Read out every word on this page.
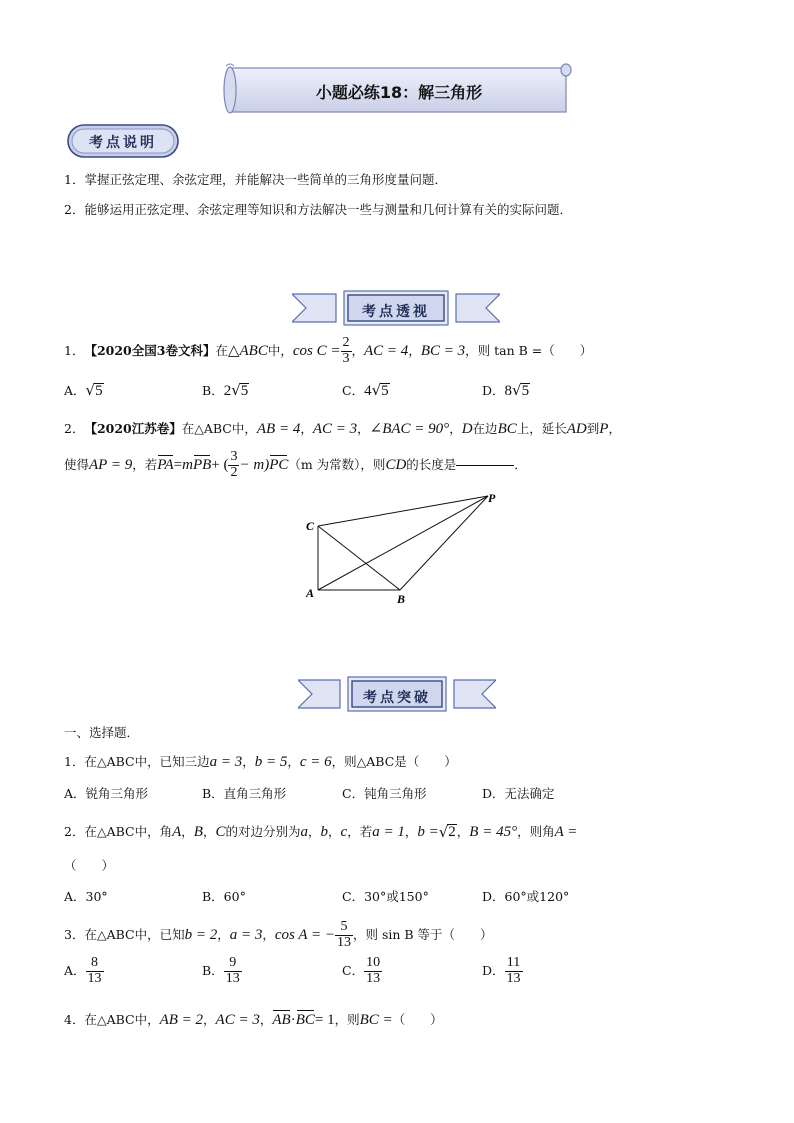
小题必练18：解三角形
考点说明
1．掌握正弦定理、余弦定理，并能解决一些简单的三角形度量问题．
2．能够运用正弦定理、余弦定理等知识和方法解决一些与测量和几何计算有关的实际问题．
考点透视
1． 【2020全国3卷文科】 在 △ ABC 中， $\cos C = \frac{2}{3}$ ， AC = 4 ， BC = 3 ，则 tan B =（　　）
A．√5	B．2√5	C．4√5	D．8√5
2． 【2020江苏卷】 在△ABC中， AB = 4 ， AC = 3 ， ∠BAC = 90° ， D 在边 BC 上，延长 AD 到 P ，
使得 AP = 9 ，若 PA = m PB + ( $\frac{3}{2} - m$) PC （m 为常数），则 CD 的长度是	．
C
A	B
P
考点突破
一、选择题．
1．在△ABC中，已知三边 a = 3 ， b = 5 ， c = 6 ，则△ABC是（　　）
A．锐角三角形	B．直角三角形	C．钝角三角形	D．无法确定
2．在△ABC中，角 A ， B ， C 的对边分别为 a ， b ， c ，若 a = 1 ， b = √ 2 ， B = 45° ，则角 A =
（　　）
A．30°	B．60°	C．30°或150°	D．60°或120°
3．在△ABC中，已知 b = 2 ， a = 3 ， cos A = − $\frac{5}{13}$ ，则 sin B 等于（　　）
A． $\frac{8}{13}$	B． $\frac{9}{13}$	C． $\frac{10}{13}$	D． $\frac{11}{13}$
4．在△ABC中， AB = 2 ， AC = 3 ， AB · BC = 1 ，则 BC = （　　）
